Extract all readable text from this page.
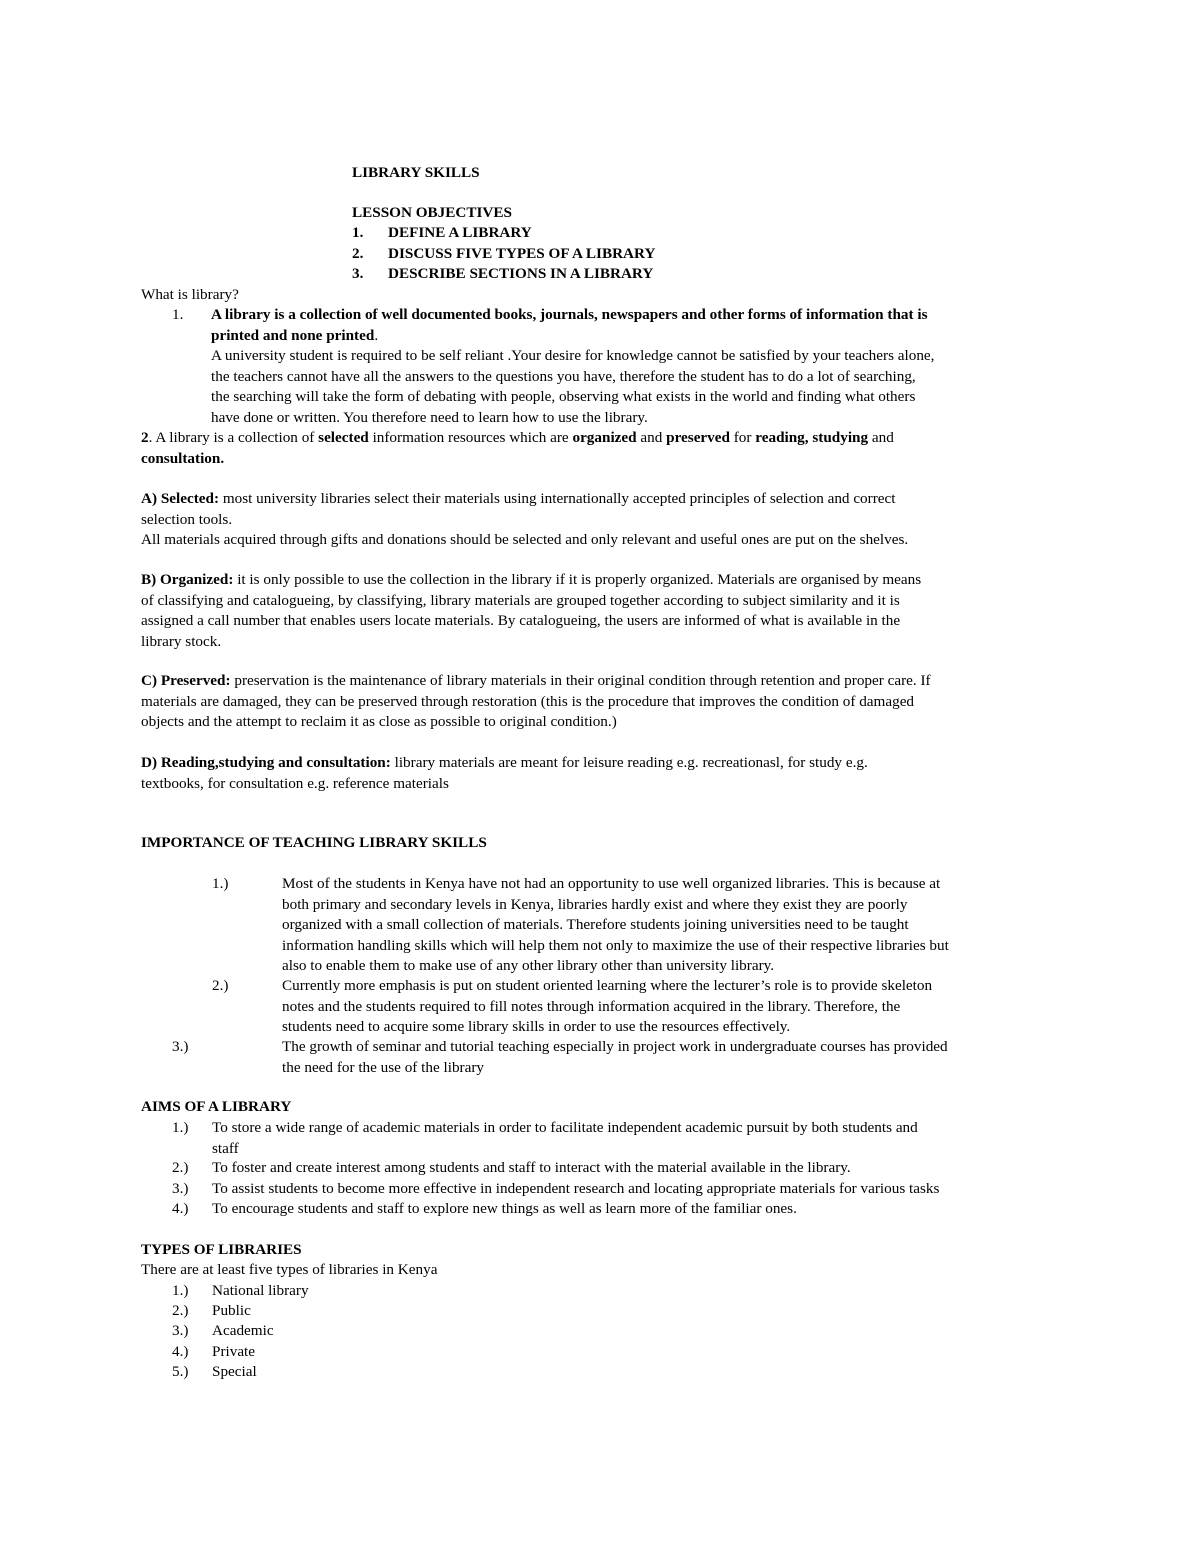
LIBRARY SKILLS
LESSON OBJECTIVES
1. DEFINE A LIBRARY
2. DISCUSS FIVE TYPES OF A LIBRARY
3. DESCRIBE SECTIONS IN A LIBRARY
What is library?
1. A library is a collection of well documented books, journals, newspapers and other forms of information that is
printed and none printed.
A university student is required to be self reliant .Your desire for knowledge cannot be satisfied by your teachers alone,
the teachers cannot have all the answers to the questions you have, therefore the student has to do a lot of searching,
the searching will take the form of debating with people, observing what exists in the world and finding what others
have done or written. You therefore need to learn how to use the library.
2. A library is a collection of selected information resources which are organized and preserved for reading, studying and
consultation.
A) Selected: most university libraries select their materials using internationally accepted principles of selection and correct
selection tools.
All materials acquired through gifts and donations should be selected and only relevant and useful ones are put on the shelves.
B) Organized: it is only possible to use the collection in the library if it is properly organized. Materials are organised by means
of classifying and catalogueing, by classifying, library materials are grouped together according to subject similarity and it is
assigned a call number that enables users locate materials. By catalogueing, the users are informed of what is available in the
library stock.
C) Preserved: preservation is the maintenance of library materials in their original condition through retention and proper care. If
materials are damaged, they can be preserved through restoration (this is the procedure that improves the condition of damaged
objects and the attempt to reclaim it as close as possible to original condition.)
D) Reading,studying and consultation: library materials are meant for leisure reading e.g. recreationasl, for study e.g.
textbooks, for consultation e.g. reference materials
IMPORTANCE OF TEACHING LIBRARY SKILLS
1.)	Most of the students in Kenya have not had an opportunity to use well organized libraries. This is because at
both primary and secondary levels in Kenya, libraries hardly exist and where they exist they are poorly
organized with a small collection of materials. Therefore students joining universities need to be taught
information handling skills which will help them not only to maximize the use of their respective libraries but
also to enable them to make use of any other library other than university library.
2.)	Currently more emphasis is put on student oriented learning where the lecturer’s role is to provide skeleton
notes and the students required to fill notes through information acquired in the library. Therefore, the
students need to acquire some library skills in order to use the resources effectively.
3.)	The growth of seminar and tutorial teaching especially in project work in undergraduate courses has provided
the need for the use of the library
AIMS OF A LIBRARY
1.) To store a wide range of academic materials in order to facilitate independent academic pursuit by both students and
staff
2.) To foster and create interest among students and staff to interact with the material available in the library.
3.) To assist students to become more effective in independent research and locating appropriate materials for various tasks
4.) To encourage students and staff to explore new things as well as learn more of the familiar ones.
TYPES OF LIBRARIES
There are at least five types of libraries in Kenya
1.) National library
2.) Public
3.) Academic
4.) Private
5.) Special
